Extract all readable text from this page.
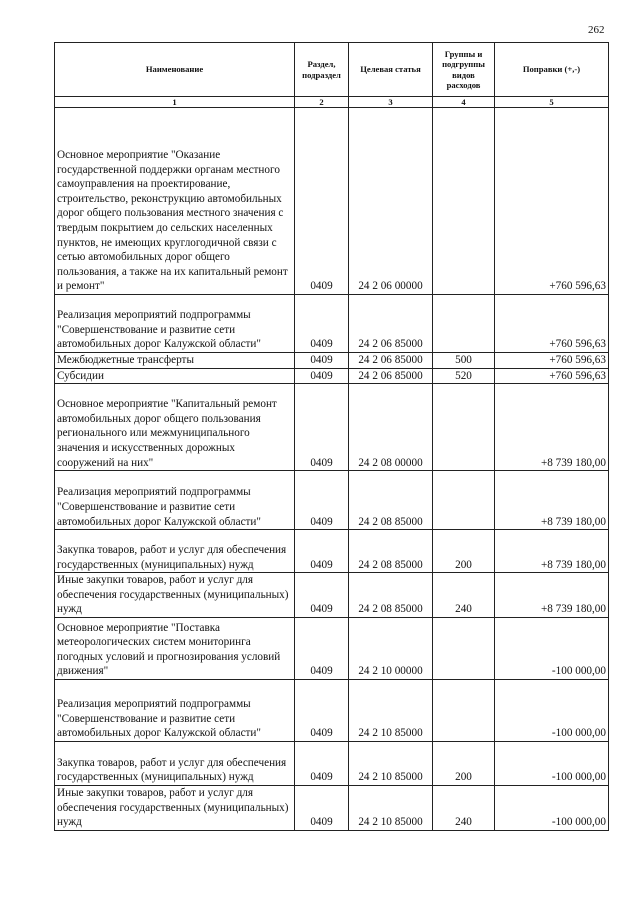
262
Наименование	Раздел, подраздел	Целевая статья	Группы и подгруппы видов расходов	Поправки (+,-)
1	2	3	4	5
Основное мероприятие "Оказание государственной поддержки органам местного самоуправления на проектирование, строительство, реконструкцию автомобильных дорог общего пользования местного значения с твердым покрытием до сельских населенных пунктов, не имеющих круглогодичной связи с сетью автомобильных дорог общего пользования, а также на их капитальный ремонт и ремонт"	0409	24 2 06 00000		+760 596,63
Реализация мероприятий подпрограммы "Совершенствование и развитие сети автомобильных дорог Калужской области"	0409	24 2 06 85000		+760 596,63
Межбюджетные трансферты	0409	24 2 06 85000	500	+760 596,63
Субсидии	0409	24 2 06 85000	520	+760 596,63
Основное мероприятие "Капитальный ремонт автомобильных дорог общего пользования регионального или межмуниципального значения и искусственных дорожных сооружений на них"	0409	24 2 08 00000		+8 739 180,00
Реализация мероприятий подпрограммы "Совершенствование и развитие сети автомобильных дорог Калужской области"	0409	24 2 08 85000		+8 739 180,00
Закупка товаров, работ и услуг для обеспечения государственных (муниципальных) нужд	0409	24 2 08 85000	200	+8 739 180,00
Иные закупки товаров, работ и услуг для обеспечения государственных (муниципальных) нужд	0409	24 2 08 85000	240	+8 739 180,00
Основное мероприятие "Поставка метеорологических систем мониторинга погодных условий и прогнозирования условий движения"	0409	24 2 10 00000		-100 000,00
Реализация мероприятий подпрограммы "Совершенствование и развитие сети автомобильных дорог Калужской области"	0409	24 2 10 85000		-100 000,00
Закупка товаров, работ и услуг для обеспечения государственных (муниципальных) нужд	0409	24 2 10 85000	200	-100 000,00
Иные закупки товаров, работ и услуг для обеспечения государственных (муниципальных) нужд	0409	24 2 10 85000	240	-100 000,00
